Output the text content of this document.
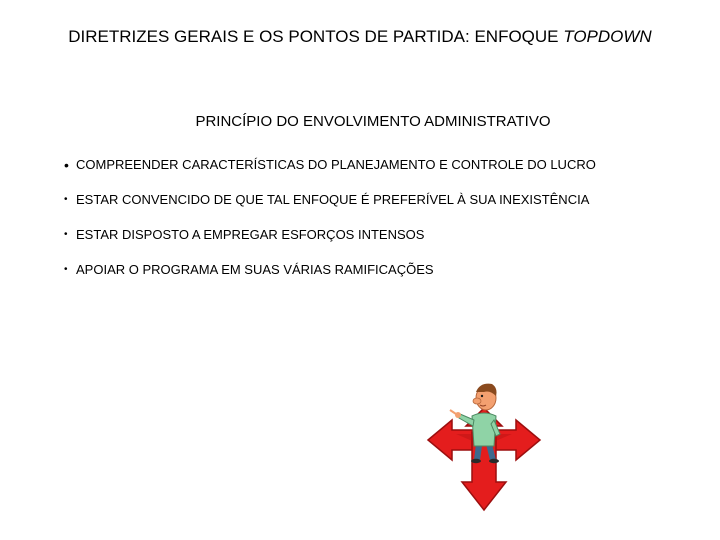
DIRETRIZES GERAIS E OS PONTOS DE PARTIDA: ENFOQUE TOPDOWN
PRINCÍPIO DO ENVOLVIMENTO ADMINISTRATIVO
• COMPREENDER CARACTERÍSTICAS DO PLANEJAMENTO E CONTROLE DO LUCRO
• ESTAR CONVENCIDO DE QUE TAL ENFOQUE É PREFERÍVEL À SUA INEXISTÊNCIA
• ESTAR DISPOSTO A EMPREGAR ESFORÇOS INTENSOS
• APOIAR O PROGRAMA EM SUAS VÁRIAS RAMIFICAÇÕES
